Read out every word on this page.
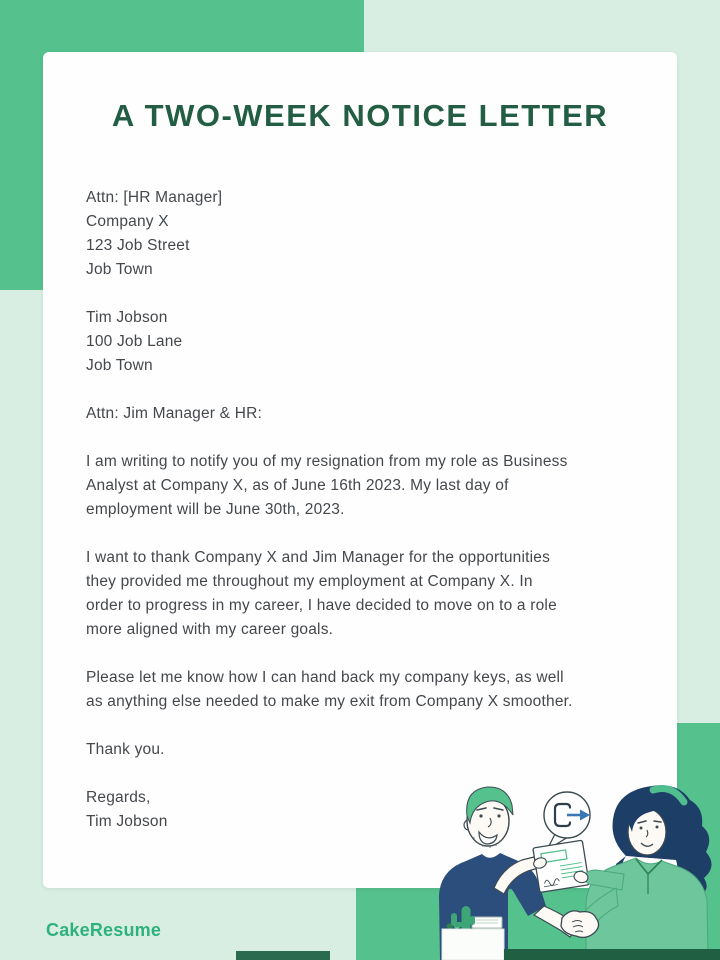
A TWO-WEEK NOTICE LETTER
Attn: [HR Manager]
Company X
123 Job Street
Job Town
Tim Jobson
100 Job Lane
Job Town
Attn: Jim Manager & HR:
I am writing to notify you of my resignation from my role as Business
Analyst at Company X, as of June 16th 2023. My last day of
employment will be June 30th, 2023.
I want to thank Company X and Jim Manager for the opportunities
they provided me throughout my employment at Company X. In
order to progress in my career, I have decided to move on to a role
more aligned with my career goals.
Please let me know how I can hand back my company keys, as well
as anything else needed to make my exit from Company X smoother.
Thank you.
Regards,
Tim Jobson
CakeResume
